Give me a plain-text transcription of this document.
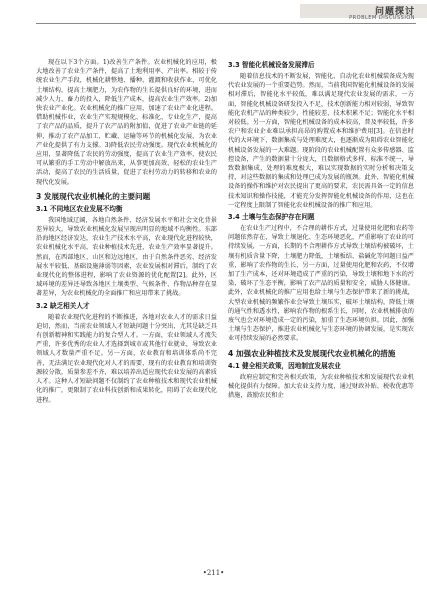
问题探讨
PROBLEM DISCUSSION

现在以下3个方面。1)改善生产条件。农业机械化的应用，极大地改善了农业生产条件，提高了土地利用率、产出率。相较于传统农业生产手段，机械化耕整地、播种、灌溉和收获作业，可优化土壤结构，提高土壤肥力，为农作物的生长提供良好的环境，进而减少人力、畜力的投入，降低生产成本，提高农业生产效率。2)加快农业产业化。农业机械化的推广应用，加速了农业产业化进程。借助机械作业，农业生产实现规模化、标准化、专业化生产，提高了农产品的品质，提升了农产品的附加值，促进了农业产业链的延伸，推动了农产品加工、贮藏、运输等环节的机械化发展，为农业产业化提供了有力支撑。3)降低农民劳动强度。现代农业机械化的应用，显著降低了农民的劳动强度，提高了农业生产效率，使农民可从繁重的手工劳动中解放出来，从事更加高效、轻松的农业生产活动，提高了农民的生活质量，促进了农村劳动力的转移和农业的现代化发展。

3 发展现代农业机械化的主要问题
3.1 不同地区农业发展不均衡

我国地域辽阔，各地自然条件、经济发展水平和社会文化背景差异较大，导致农业机械化发展呈现出明显的地域不均衡性。东部沿海地区经济发达，农业生产技术水平高，农业现代化进程较快，农业机械化水平高，农业种植技术先进，农业生产效率显著提升。然而，在西部地区、山区和边远地区，由于自然条件恶劣、经济发展水平较低、基础设施薄弱等因素，农业发展相对滞后，制约了农业现代化的整体进程，影响了农业资源的优化配置[2]。此外，区域环境的差异还导致各地区土壤类型、气候条件、作物品种存在显著差异，为农业机械化的全面推广和应用带来了挑战。

3.2 缺乏相关人才

随着农业现代化进程的不断推进，各地对农业人才的需求日益迫切，然而，当前农业领域人才短缺问题十分突出，尤其是缺乏具有创新精神和实践能力的复合型人才。一方面，农业领域人才流失严重，许多优秀的农业人才选择到城市或其他行业就业，导致农业领域人才数量严重不足。另一方面，农业教育和培训体系尚不完善，无法满足农业现代化对人才的需要，现有的农业教育和培训资源较分散，质量参差不齐，难以培养出适应现代农业发展的高素质人才。这种人才短缺问题不仅制约了农业种植技术和现代农业机械化的推广，更限制了农业科技创新和成果转化，阻碍了农业现代化进程。

3.3 智能化机械设备发展滞后

随着信息技术的不断发展，智能化、自动化农业机械装备成为现代农业发展的一个重要趋势。然而，当前我国智能化机械设备的发展相对滞后，智能化水平较低，难以满足现代农业发展的需求，一方面，智能化机械设备研发投入不足，技术创新能力相对较弱，导致智能化农机产品的种类较少，性能较差，技术积累不足；智能化水平相对较低。另一方面，智能化机械设备的成本较高，普及率较低，许多农户和农业企业难以承担高昂的购置成本和维护费用[3]。在信息时代的大环境下，数据集成与处理难度大，也逐渐成为阻碍农业智能化机械设备发展的一大难题。现阶段的农业机械配置有众多传感器、监控设备，产生的数据量十分庞大，且数据格式多样、标准不统一，导致数据集成、处理的难度极大，难以实现数据的实时分析和决策支持，对这些数据的集成和处理已成为发展的瓶颈。此外，智能化机械设备的操作和维护对农民提出了更高的要求，农民需具备一定的信息技术知识和操作技能，才能充分发挥智能化机械设备的作用，这也在一定程度上限制了智能化农业机械设备的推广和应用。

3.4 土壤与生态保护存在问题

在农业生产过程中，不合理的耕作方式，过量使用化肥和农药等问题依然存在，导致土壤退化、生态环境恶化，严重影响了农业的可持续发展，一方面，长期的不合理耕作方式导致土壤结构被破坏，土壤有机质含量下降，土壤肥力降低，土壤板结、盐碱化等问题日益严重，影响了农作物的生长，另一方面，过量使用化肥和农药，不仅增加了生产成本，还对环境造成了严重的污染，导致土壤和地下水的污染，破坏了生态平衡，影响了农产品的质量和安全，威胁人体健康。此外，农业机械化的推广应用也给土壤与生态保护带来了新的挑战，大型农业机械的频繁作业会导致土壤压实，破坏土壤结构，降低土壤的通气性和透水性，影响农作物的根系生长，同时，农业机械排放的废气也会对环境造成一定的污染，加重了生态环境负担。因此，加强土壤与生态保护，推进农业机械化与生态环境的协调发展，是实现农业可持续发展的必然要求。

4 加强农业种植技术及发展现代农业机械化的措施
4.1 健全相关政策，因地制宜发展农业

政府应制定和完善相关政策，为农业种植技术和发展现代农业机械化提供有力保障。加大农业支持力度，通过财政补贴、税收优惠等措施，鼓励农民和企

•211•
